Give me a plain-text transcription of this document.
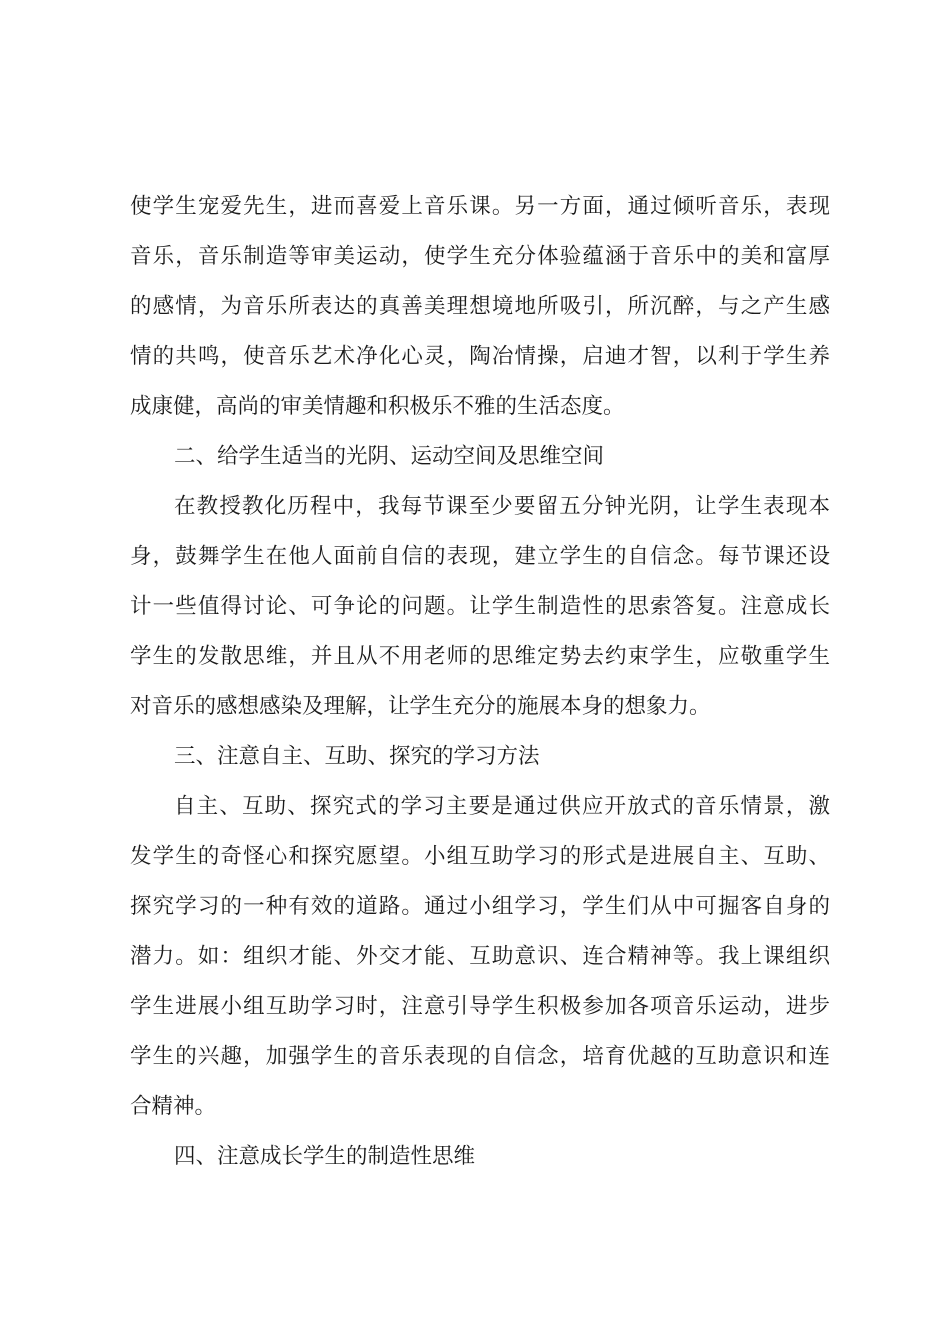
使学生宠爱先生，进而喜爱上音乐课。另一方面，通过倾听音乐，表现
音乐，音乐制造等审美运动，使学生充分体验蕴涵于音乐中的美和富厚
的感情，为音乐所表达的真善美理想境地所吸引，所沉醉，与之产生感
情的共鸣，使音乐艺术净化心灵，陶冶情操，启迪才智，以利于学生养
成康健，高尚的审美情趣和积极乐不雅的生活态度。
二、给学生适当的光阴、运动空间及思维空间
在教授教化历程中，我每节课至少要留五分钟光阴，让学生表现本
身，鼓舞学生在他人面前自信的表现，建立学生的自信念。每节课还设
计一些值得讨论、可争论的问题。让学生制造性的思索答复。注意成长
学生的发散思维，并且从不用老师的思维定势去约束学生，应敬重学生
对音乐的感想感染及理解，让学生充分的施展本身的想象力。
三、注意自主、互助、探究的学习方法
自主、互助、探究式的学习主要是通过供应开放式的音乐情景，激
发学生的奇怪心和探究愿望。小组互助学习的形式是进展自主、互助、
探究学习的一种有效的道路。通过小组学习，学生们从中可掘客自身的
潜力。如：组织才能、外交才能、互助意识、连合精神等。我上课组织
学生进展小组互助学习时，注意引导学生积极参加各项音乐运动，进步
学生的兴趣，加强学生的音乐表现的自信念，培育优越的互助意识和连
合精神。
四、注意成长学生的制造性思维
